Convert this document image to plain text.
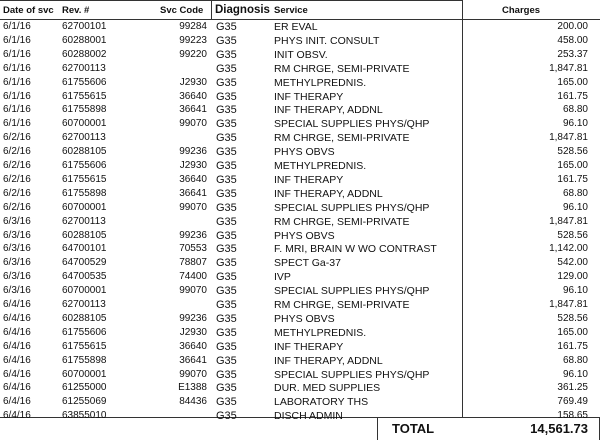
Date of svc Rev. #	Svc Code Diagnosis Service	Charges
6/1/16	62700101	99284 G35	ER EVAL	200.00
6/1/16	60288001	99223 G35	PHYS INIT. CONSULT	458.00
6/1/16	60288002	99220 G35	INIT OBSV.	253.37
6/1/16	62700113	G35	RM CHRGE, SEMI-PRIVATE	1,847.81
6/1/16	61755606	J2930 G35	METHYLPREDNIS.	165.00
6/1/16	61755615	36640 G35	INF THERAPY	161.75
6/1/16	61755898	36641 G35	INF THERAPY, ADDNL	68.80
6/1/16	60700001	99070 G35	SPECIAL SUPPLIES PHYS/QHP	96.10
6/2/16	62700113	G35	RM CHRGE, SEMI-PRIVATE	1,847.81
6/2/16	60288105	99236 G35	PHYS OBVS	528.56
6/2/16	61755606	J2930 G35	METHYLPREDNIS.	165.00
6/2/16	61755615	36640 G35	INF THERAPY	161.75
6/2/16	61755898	36641 G35	INF THERAPY, ADDNL	68.80
6/2/16	60700001	99070 G35	SPECIAL SUPPLIES PHYS/QHP	96.10
6/3/16	62700113	G35	RM CHRGE, SEMI-PRIVATE	1,847.81
6/3/16	60288105	99236 G35	PHYS OBVS	528.56
6/3/16	64700101	70553 G35	F. MRI, BRAIN W WO CONTRAST	1,142.00
6/3/16	64700529	78807 G35	SPECT Ga-37	542.00
6/3/16	64700535	74400 G35	IVP	129.00
6/3/16	60700001	99070 G35	SPECIAL SUPPLIES PHYS/QHP	96.10
6/4/16	62700113	G35	RM CHRGE, SEMI-PRIVATE	1,847.81
6/4/16	60288105	99236 G35	PHYS OBVS	528.56
6/4/16	61755606	J2930 G35	METHYLPREDNIS.	165.00
6/4/16	61755615	36640 G35	INF THERAPY	161.75
6/4/16	61755898	36641 G35	INF THERAPY, ADDNL	68.80
6/4/16	60700001	99070 G35	SPECIAL SUPPLIES PHYS/QHP	96.10
6/4/16	61255000	E1388 G35	DUR. MED SUPPLIES	361.25
6/4/16	61255069	84436 G35	LABORATORY THS	769.49
6/4/16	63855010	G35	DISCH ADMIN	158.65
TOTAL	14,561.73
